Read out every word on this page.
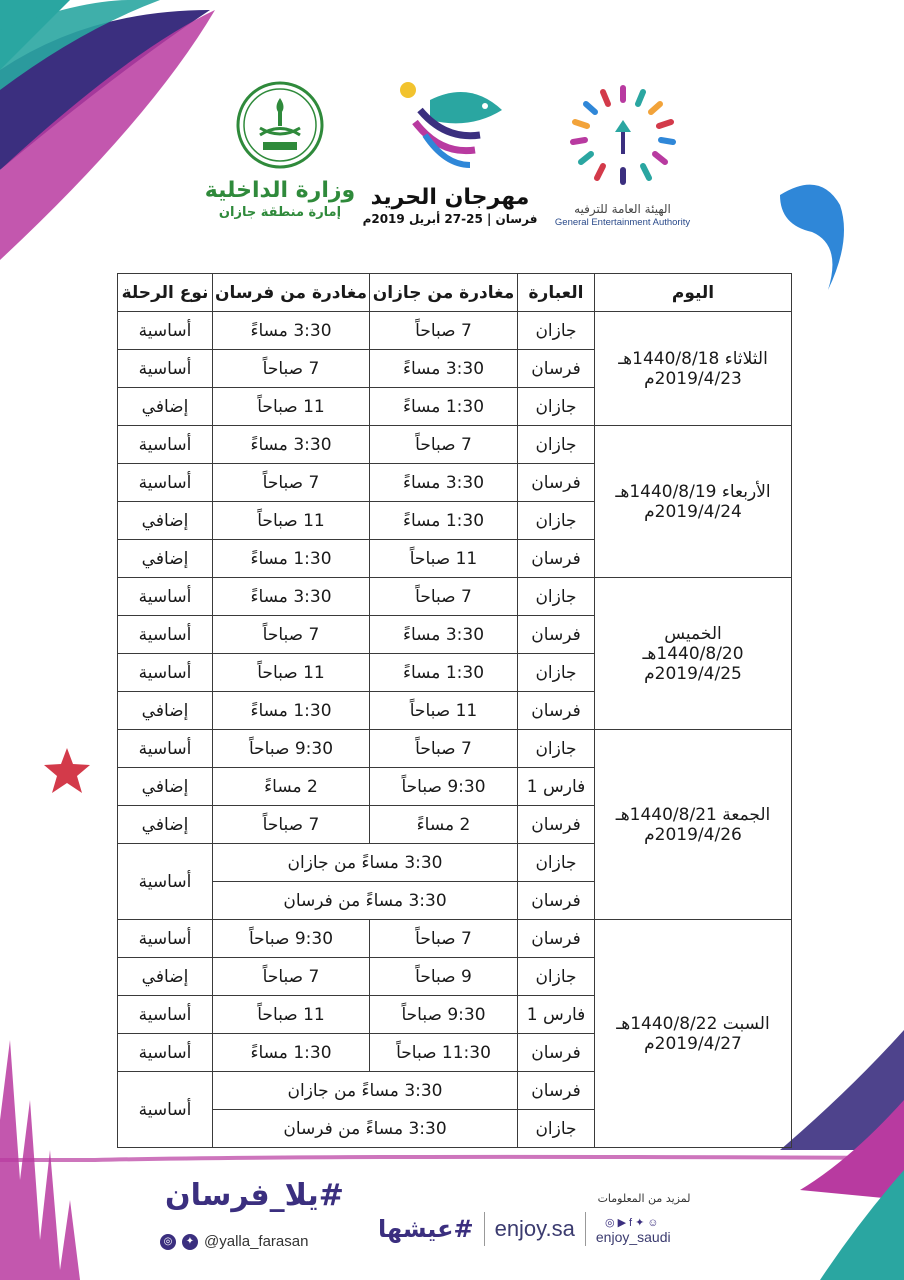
وزارة الداخلية
إمارة منطقة جازان
مهرجان الحريد
فرسان | 25-27 أبريل 2019م
الهيئة العامة للترفيه
General Entertainment Authority
اليوم	العبارة	مغادرة من جازان	مغادرة من فرسان	نوع الرحلة
الثلاثاء 1440/8/18هـ
2019/4/23م	جازان	7 صباحاً	3:30 مساءً	أساسية
	فرسان	3:30 مساءً	7 صباحاً	أساسية
	جازان	1:30 مساءً	11 صباحاً	إضافي
الأربعاء 1440/8/19هـ
2019/4/24م	جازان	7 صباحاً	3:30 مساءً	أساسية
	فرسان	3:30 مساءً	7 صباحاً	أساسية
	جازان	1:30 مساءً	11 صباحاً	إضافي
	فرسان	11 صباحاً	1:30 مساءً	إضافي
الخميس
1440/8/20هـ
2019/4/25م	جازان	7 صباحاً	3:30 مساءً	أساسية
	فرسان	3:30 مساءً	7 صباحاً	أساسية
	جازان	1:30 مساءً	11 صباحاً	أساسية
	فرسان	11 صباحاً	1:30 مساءً	إضافي
الجمعة 1440/8/21هـ
2019/4/26م	جازان	7 صباحاً	9:30 صباحاً	أساسية
	فارس 1	9:30 صباحاً	2 مساءً	إضافي
	فرسان	2 مساءً	7 صباحاً	إضافي
	جازان	3:30 مساءً من جازان		أساسية
	فرسان	3:30 مساءً من فرسان		
السبت 1440/8/22هـ
2019/4/27م	فرسان	7 صباحاً	9:30 صباحاً	أساسية
	جازان	9 صباحاً	7 صباحاً	إضافي
	فارس 1	9:30 صباحاً	11 صباحاً	أساسية
	فرسان	11:30 صباحاً	1:30 مساءً	أساسية
	فرسان	3:30 مساءً من جازان		أساسية
	جازان	3:30 مساءً من فرسان		
#يلا_فرسان
◎	✦ @yalla_farasan
لمزيد من المعلومات
#عيشها enjoy.sa	◎▶f✦☺
enjoy_saudi
